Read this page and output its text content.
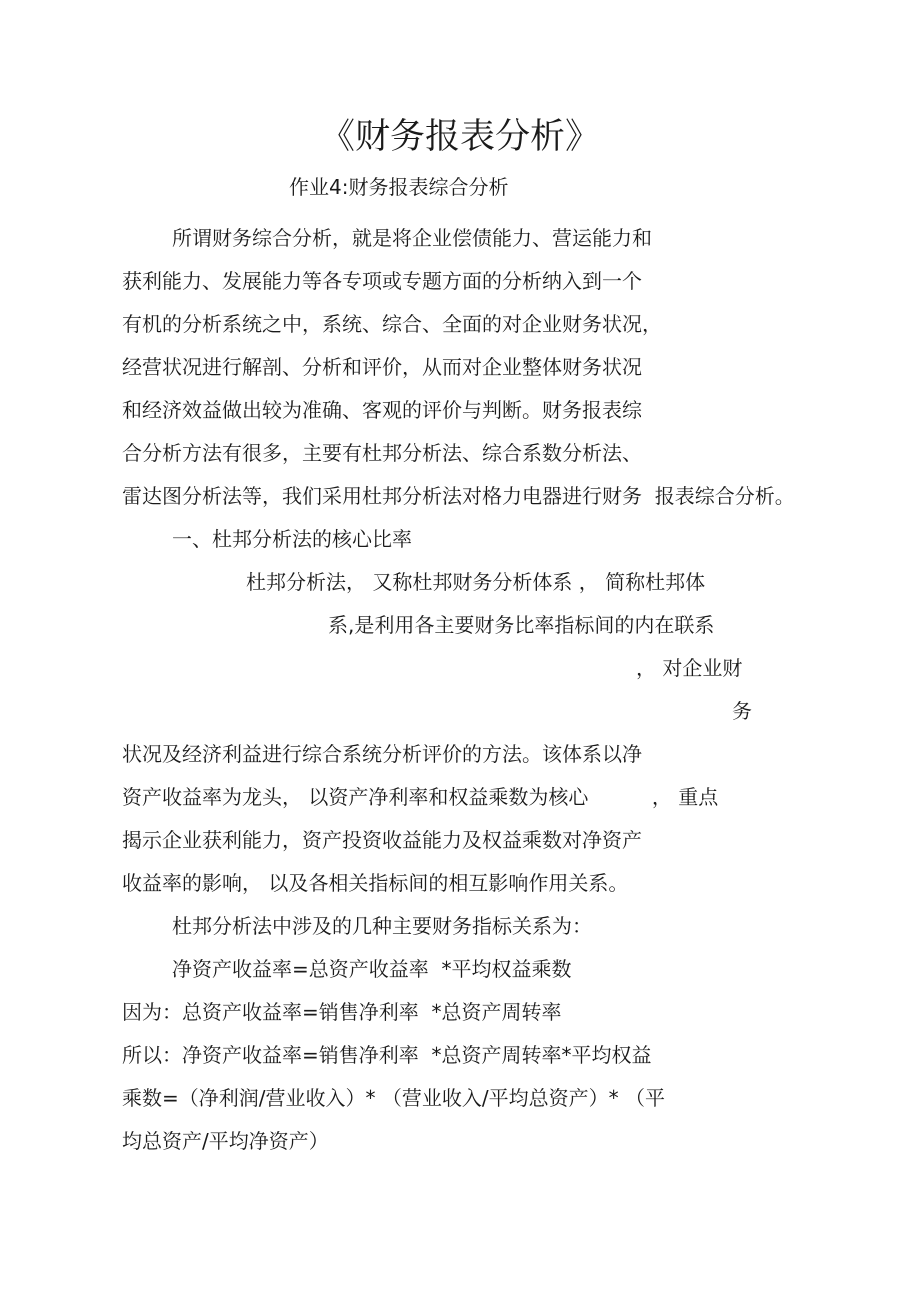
《财务报表分析》
作业4:财务报表综合分析
所谓财务综合分析，就是将企业偿债能力、营运能力和
获利能力、发展能力等各专项或专题方面的分析纳入到一个
有机的分析系统之中，系统、综合、全面的对企业财务状况，
经营状况进行解剖、分析和评价，从而对企业整体财务状况
和经济效益做出较为准确、客观的评价与判断。财务报表综
合分析方法有很多，主要有杜邦分析法、综合系数分析法、
雷达图分析法等，我们采用杜邦分析法对格力电器进行财务  报表综合分析。
一、杜邦分析法的核心比率
杜邦分析法， 又称杜邦财务分析体系 ， 简称杜邦体
系,是利用各主要财务比率指标间的内在联系
， 对企业财
务
状况及经济利益进行综合系统分析评价的方法。该体系以净
资产收益率为龙头， 以资产净利率和权益乘数为核心          ， 重点
揭示企业获利能力，资产投资收益能力及权益乘数对净资产
收益率的影响， 以及各相关指标间的相互影响作用关系。
杜邦分析法中涉及的几种主要财务指标关系为：
净资产收益率=总资产收益率  *平均权益乘数
因为：总资产收益率=销售净利率  *总资产周转率
所以：净资产收益率=销售净利率  *总资产周转率*平均权益
乘数=（净利润/营业收入）* （营业收入/平均总资产）* （平
均总资产/平均净资产）
